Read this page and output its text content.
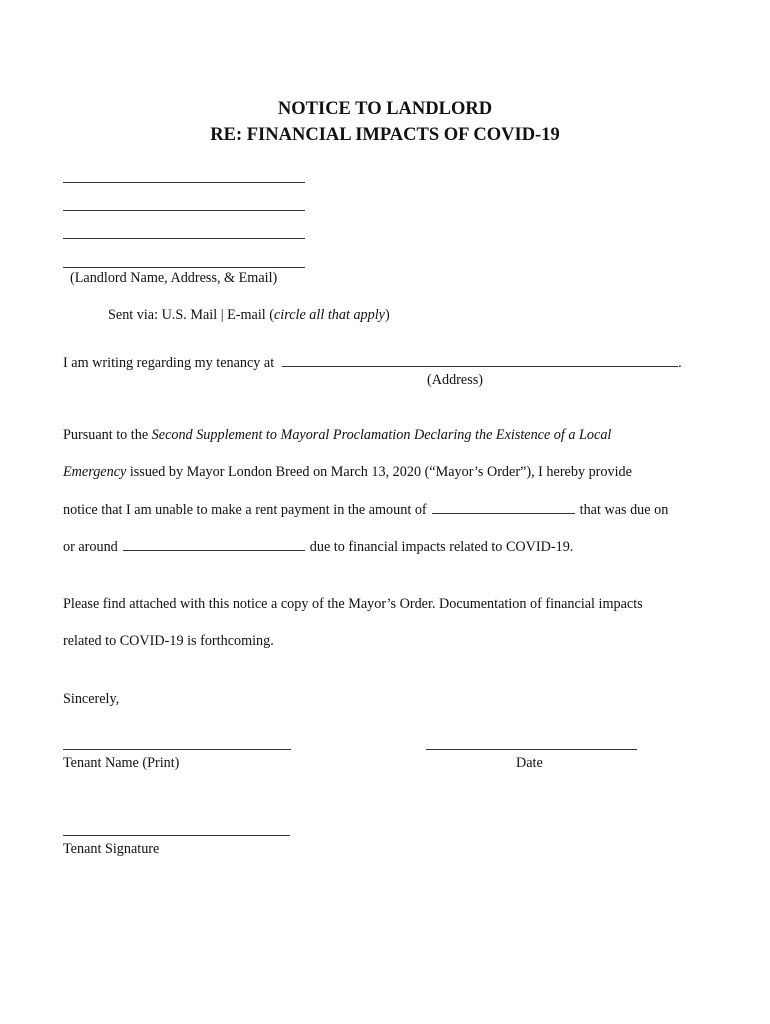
NOTICE TO LANDLORD
RE: FINANCIAL IMPACTS OF COVID-19
(Landlord Name, Address, & Email)
Sent via: U.S. Mail | E-mail (circle all that apply)
I am writing regarding my tenancy at	.
(Address)
Pursuant to the Second Supplement to Mayoral Proclamation Declaring the Existence of a Local
Emergency issued by Mayor London Breed on March 13, 2020 (“Mayor’s Order”), I hereby provide
notice that I am unable to make a rent payment in the amount of	that was due on
or around	due to financial impacts related to COVID-19.
Please find attached with this notice a copy of the Mayor’s Order. Documentation of financial impacts
related to COVID-19 is forthcoming.
Sincerely,
Tenant Name (Print)	Date
Tenant Signature
